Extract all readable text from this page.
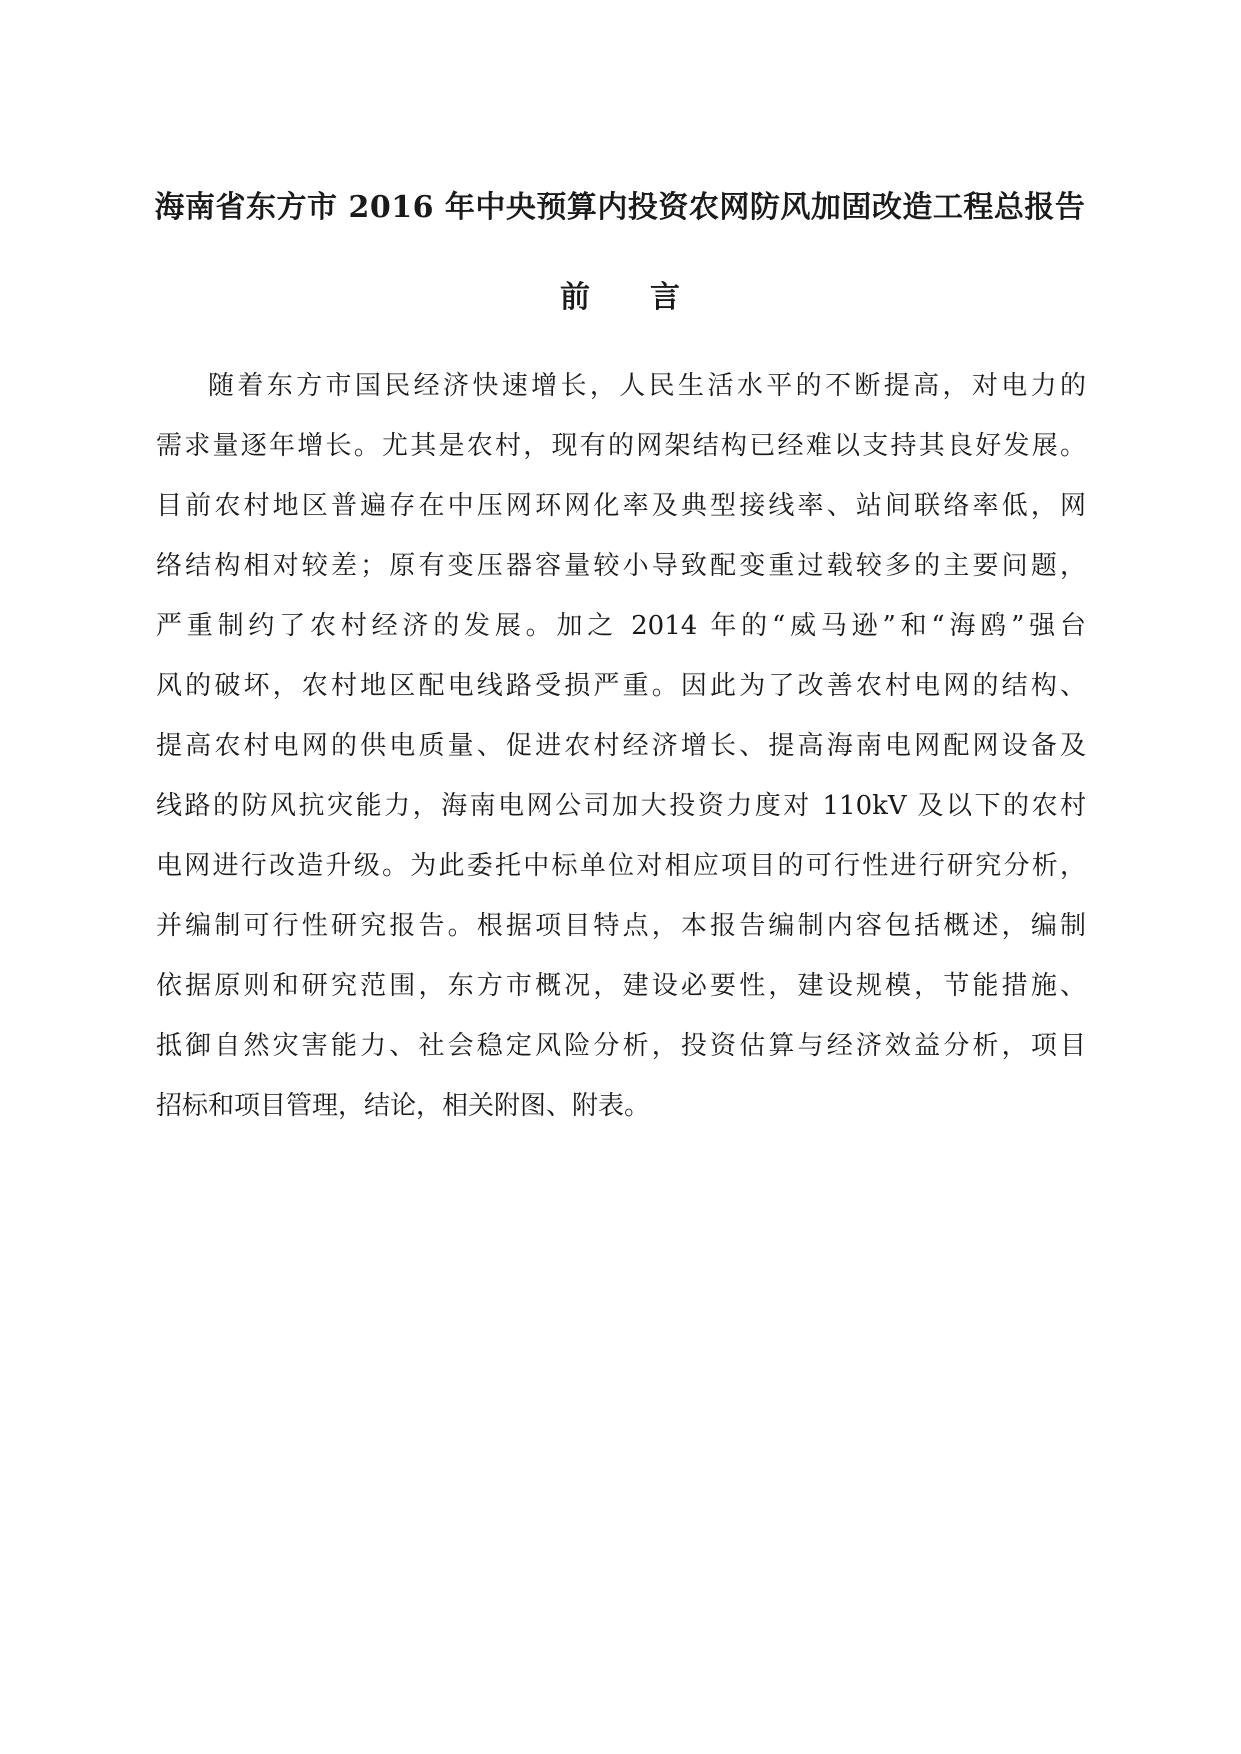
海南省东方市 2016 年中央预算内投资农网防风加固改造工程总报告
前 言
随着东方市国民经济快速增长，人民生活水平的不断提高，对电力的
需求量逐年增长。尤其是农村，现有的网架结构已经难以支持其良好发展。
目前农村地区普遍存在中压网环网化率及典型接线率、站间联络率低，网
络结构相对较差；原有变压器容量较小导致配变重过载较多的主要问题，
严重制约了农村经济的发展。加之 2014 年的“威马逊”和“海鸥”强台
风的破坏，农村地区配电线路受损严重。因此为了改善农村电网的结构、
提高农村电网的供电质量、促进农村经济增长、提高海南电网配网设备及
线路的防风抗灾能力，海南电网公司加大投资力度对 110kV 及以下的农村
电网进行改造升级。为此委托中标单位对相应项目的可行性进行研究分析，
并编制可行性研究报告。根据项目特点，本报告编制内容包括概述，编制
依据原则和研究范围，东方市概况，建设必要性，建设规模，节能措施、
抵御自然灾害能力、社会稳定风险分析，投资估算与经济效益分析，项目
招标和项目管理，结论，相关附图、附表。
